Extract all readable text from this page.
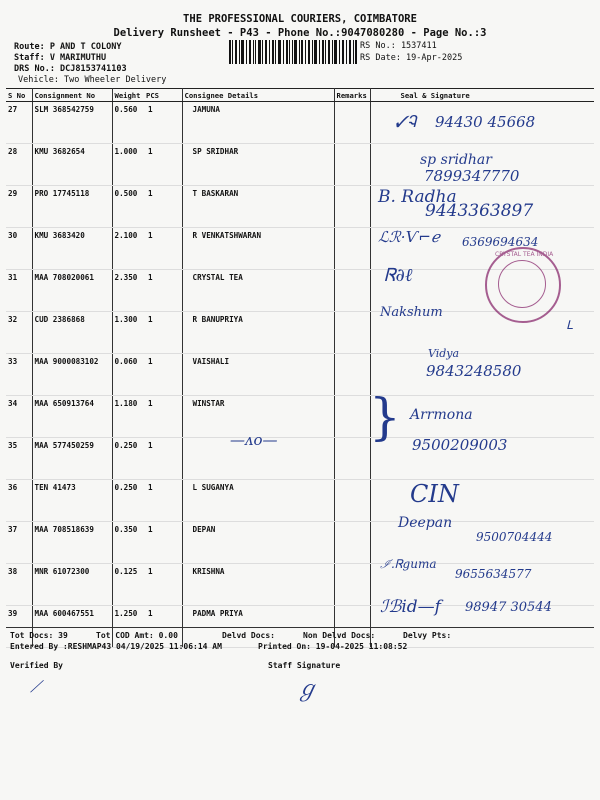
THE PROFESSIONAL COURIERS, COIMBATORE
Delivery Runsheet - P43 - Phone No.:9047080280 - Page No.:3
Route: P AND T COLONY
Staff: V MARIMUTHU
DRS No.: DCJ8153741103
Vehicle: Two Wheeler Delivery
RS No.: 1537411
RS Date: 19-Apr-2025
S No	Consignment No	Weight	PCS	Consignee Details	Remarks	Seal & Signature
27	SLM 368542759	0.560	1	JAMUNA		
28	KMU 3682654	1.000	1	SP SRIDHAR		
29	PRO 17745118	0.500	1	T BASKARAN		
30	KMU 3683420	2.100	1	R VENKATSHWARAN		
31	MAA 708020061	2.350	1	CRYSTAL TEA		
32	CUD 2386868	1.300	1	R BANUPRIYA		
33	MAA 9000083102	0.060	1	VAISHALI		
34	MAA 650913764	1.180	1	WINSTAR		
35	MAA 577450259	0.250	1			
36	TEN 41473	0.250	1	L SUGANYA		
37	MAA 708518639	0.350	1	DEPAN		
38	MNR 61072300	0.125	1	KRISHNA		
39	MAA 600467551	1.250	1	PADMA PRIYA		
✓Ꮈ 94430 45668
sp sridhar
7899347770
B. Radha
9443363897
ℒℛ·Ѵ⌐ℯ 6369694634
CRYSTAL TEA INDIA
Ꮢ∂ℓ
Nakshum
Vidya
9843248580
} Arrmona
9500209003
—ᴧo—
CIN
Deepan
9500704444
ℐ.Ꮢguma
9655634577
ℐℬid—f 98947 30544
ᒪ
Tot Docs: 39	Tot COD Amt: 0.00	Delvd Docs:	Non Delvd Docs:	Delvy Pts:
Entered By :RESHMAP43 04/19/2025 11:06:14 AM	Printed On: 19-04-2025 11:08:52
Verified By	Staff Signature
⟋	ℊ
